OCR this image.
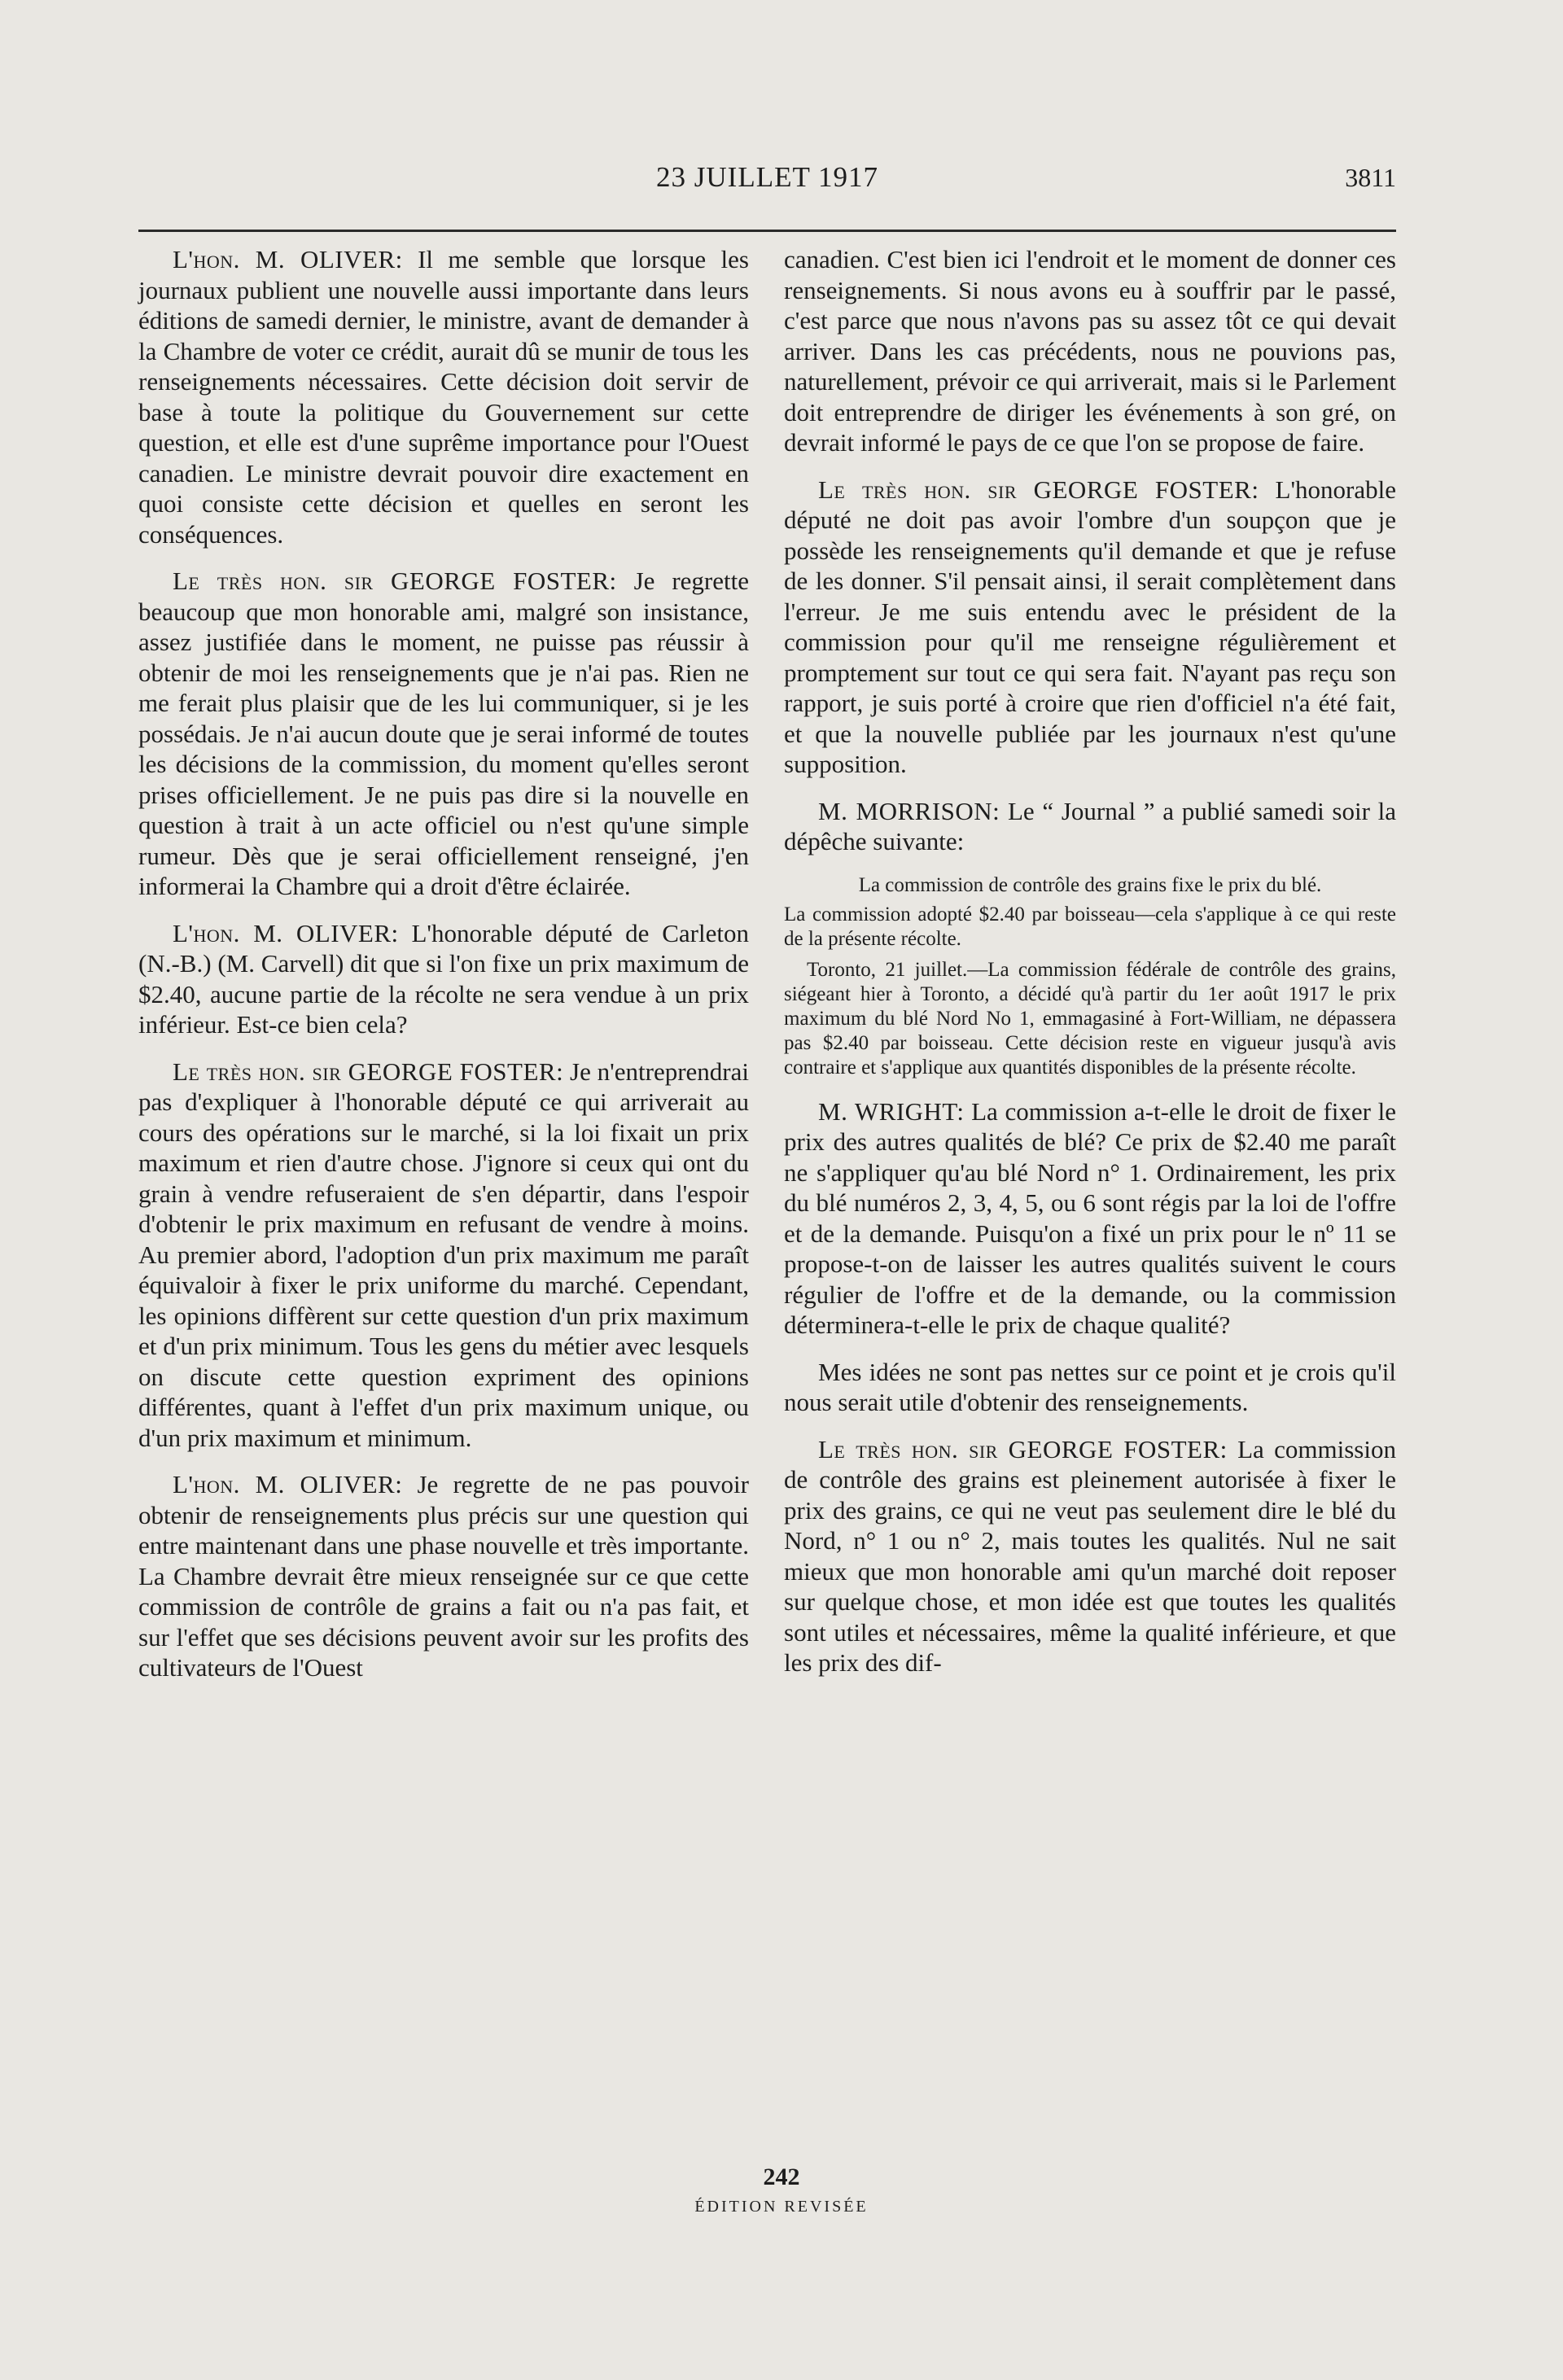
23 JUILLET 1917	3811

L'hon. M. OLIVER: Il me semble que lorsque les journaux publient une nouvelle aussi importante dans leurs éditions de samedi dernier, le ministre, avant de demander à la Chambre de voter ce crédit, aurait dû se munir de tous les renseignements nécessaires. Cette décision doit servir de base à toute la politique du Gouvernement sur cette question, et elle est d'une suprême importance pour l'Ouest canadien. Le ministre devrait pouvoir dire exactement en quoi consiste cette décision et quelles en seront les conséquences.

Le très hon. sir GEORGE FOSTER: Je regrette beaucoup que mon honorable ami, malgré son insistance, assez justifiée dans le moment, ne puisse pas réussir à obtenir de moi les renseignements que je n'ai pas. Rien ne me ferait plus plaisir que de les lui communiquer, si je les possédais. Je n'ai aucun doute que je serai informé de toutes les décisions de la commission, du moment qu'elles seront prises officiellement. Je ne puis pas dire si la nouvelle en question à trait à un acte officiel ou n'est qu'une simple rumeur. Dès que je serai officiellement renseigné, j'en informerai la Chambre qui a droit d'être éclairée.

L'hon. M. OLIVER: L'honorable député de Carleton (N.-B.) (M. Carvell) dit que si l'on fixe un prix maximum de $2.40, aucune partie de la récolte ne sera vendue à un prix inférieur. Est-ce bien cela?

Le très hon. sir GEORGE FOSTER: Je n'entreprendrai pas d'expliquer à l'honorable député ce qui arriverait au cours des opérations sur le marché, si la loi fixait un prix maximum et rien d'autre chose. J'ignore si ceux qui ont du grain à vendre refuseraient de s'en départir, dans l'espoir d'obtenir le prix maximum en refusant de vendre à moins. Au premier abord, l'adoption d'un prix maximum me paraît équivaloir à fixer le prix uniforme du marché. Cependant, les opinions diffèrent sur cette question d'un prix maximum et d'un prix minimum. Tous les gens du métier avec lesquels on discute cette question expriment des opinions différentes, quant à l'effet d'un prix maximum unique, ou d'un prix maximum et minimum.

L'hon. M. OLIVER: Je regrette de ne pas pouvoir obtenir de renseignements plus précis sur une question qui entre maintenant dans une phase nouvelle et très importante. La Chambre devrait être mieux renseignée sur ce que cette commission de contrôle de grains a fait ou n'a pas fait, et sur l'effet que ses décisions peuvent avoir sur les profits des cultivateurs de l'Ouest

canadien. C'est bien ici l'endroit et le moment de donner ces renseignements. Si nous avons eu à souffrir par le passé, c'est parce que nous n'avons pas su assez tôt ce qui devait arriver. Dans les cas précédents, nous ne pouvions pas, naturellement, prévoir ce qui arriverait, mais si le Parlement doit entreprendre de diriger les événements à son gré, on devrait informé le pays de ce que l'on se propose de faire.

Le très hon. sir GEORGE FOSTER: L'honorable député ne doit pas avoir l'ombre d'un soupçon que je possède les renseignements qu'il demande et que je refuse de les donner. S'il pensait ainsi, il serait complètement dans l'erreur. Je me suis entendu avec le président de la commission pour qu'il me renseigne régulièrement et promptement sur tout ce qui sera fait. N'ayant pas reçu son rapport, je suis porté à croire que rien d'officiel n'a été fait, et que la nouvelle publiée par les journaux n'est qu'une supposition.

M. MORRISON: Le “ Journal ” a publié samedi soir la dépêche suivante:

La commission de contrôle des grains fixe le prix du blé.

La commission adopté $2.40 par boisseau—cela s'applique à ce qui reste de la présente récolte.

Toronto, 21 juillet.—La commission fédérale de contrôle des grains, siégeant hier à Toronto, a décidé qu'à partir du 1er août 1917 le prix maximum du blé Nord No 1, emmagasiné à Fort-William, ne dépassera pas $2.40 par boisseau. Cette décision reste en vigueur jusqu'à avis contraire et s'applique aux quantités disponibles de la présente récolte.

M. WRIGHT: La commission a-t-elle le droit de fixer le prix des autres qualités de blé? Ce prix de $2.40 me paraît ne s'appliquer qu'au blé Nord n° 1. Ordinairement, les prix du blé numéros 2, 3, 4, 5, ou 6 sont régis par la loi de l'offre et de la demande. Puisqu'on a fixé un prix pour le nº 11 se propose-t-on de laisser les autres qualités suivent le cours régulier de l'offre et de la demande, ou la commission déterminera-t-elle le prix de chaque qualité?

Mes idées ne sont pas nettes sur ce point et je crois qu'il nous serait utile d'obtenir des renseignements.

Le très hon. sir GEORGE FOSTER: La commission de contrôle des grains est pleinement autorisée à fixer le prix des grains, ce qui ne veut pas seulement dire le blé du Nord, n° 1 ou n° 2, mais toutes les qualités. Nul ne sait mieux que mon honorable ami qu'un marché doit reposer sur quelque chose, et mon idée est que toutes les qualités sont utiles et nécessaires, même la qualité inférieure, et que les prix des dif-

242
ÉDITION REVISÉE
